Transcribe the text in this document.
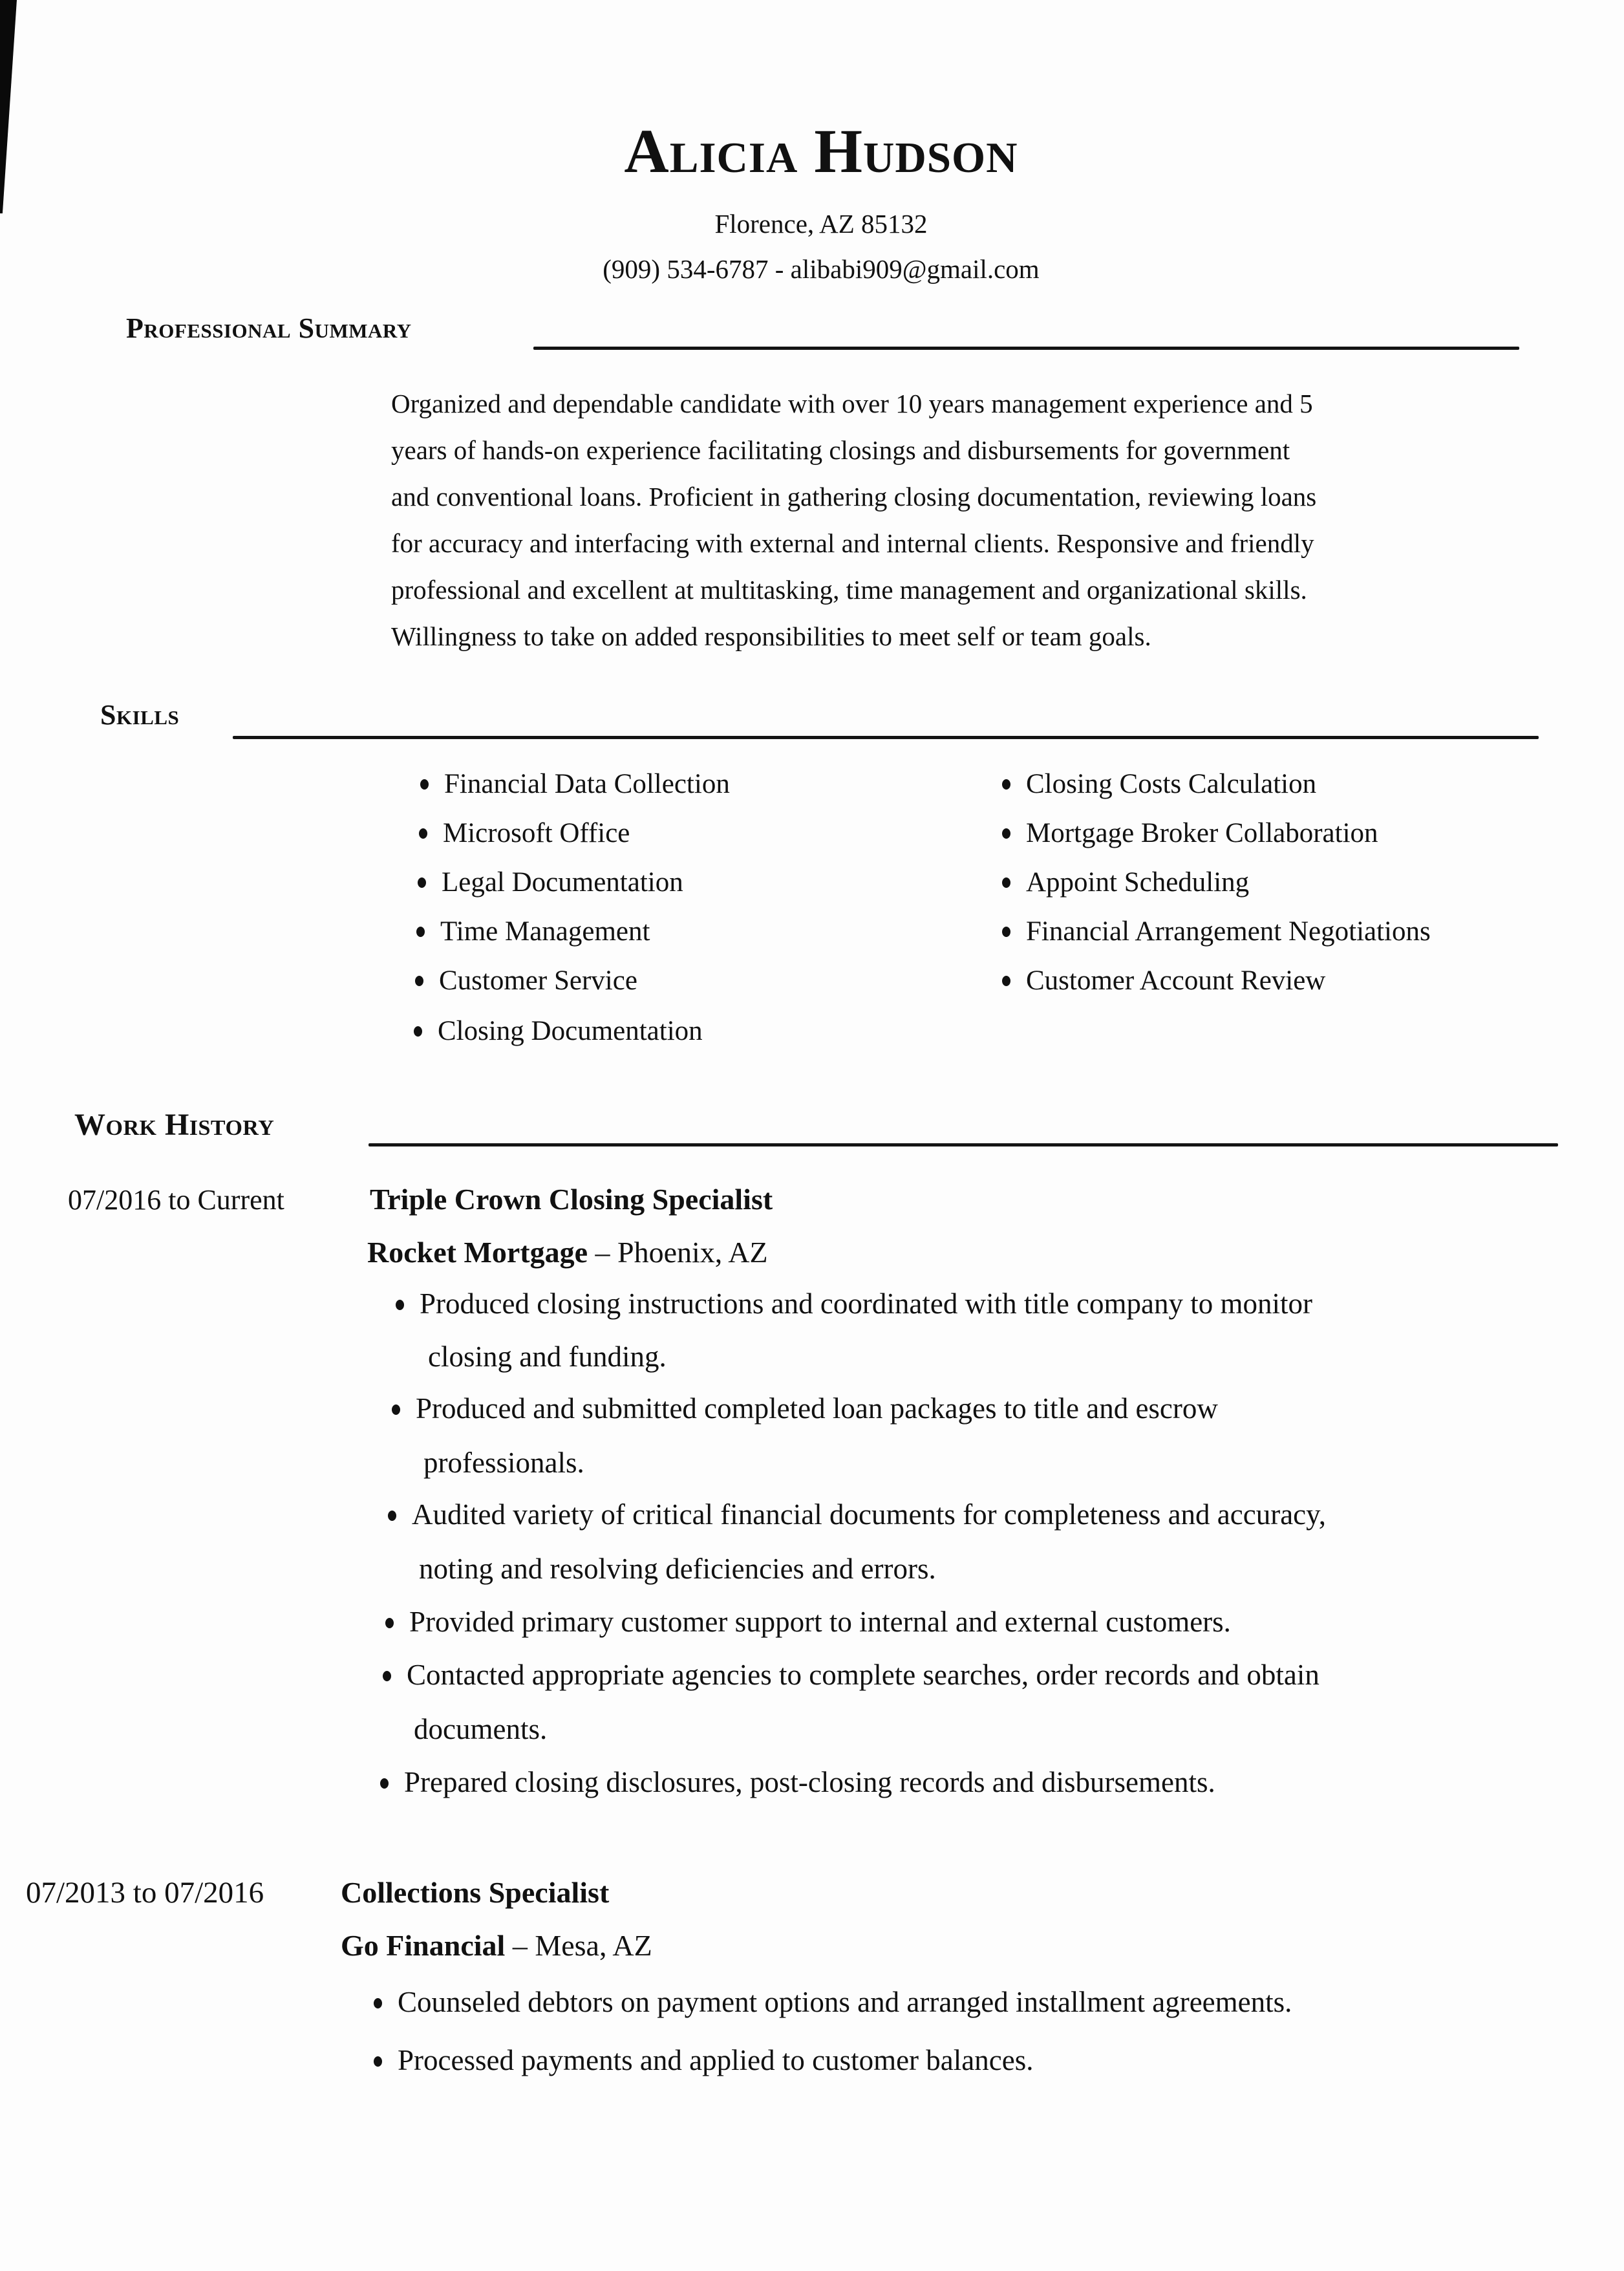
Alicia Hudson
Florence, AZ 85132
(909) 534-6787 - alibabi909@gmail.com
Professional Summary
Organized and dependable candidate with over 10 years management experience and 5
years of hands-on experience facilitating closings and disbursements for government
and conventional loans. Proficient in gathering closing documentation, reviewing loans
for accuracy and interfacing with external and internal clients. Responsive and friendly
professional and excellent at multitasking, time management and organizational skills.
Willingness to take on added responsibilities to meet self or team goals.
Skills
Financial Data Collection
Microsoft Office
Legal Documentation
Time Management
Customer Service
Closing Documentation
Closing Costs Calculation
Mortgage Broker Collaboration
Appoint Scheduling
Financial Arrangement Negotiations
Customer Account Review
Work History
07/2016 to Current	Triple Crown Closing Specialist
Rocket Mortgage – Phoenix, AZ
Produced closing instructions and coordinated with title company to monitor
closing and funding.
Produced and submitted completed loan packages to title and escrow
professionals.
Audited variety of critical financial documents for completeness and accuracy,
noting and resolving deficiencies and errors.
Provided primary customer support to internal and external customers.
Contacted appropriate agencies to complete searches, order records and obtain
documents.
Prepared closing disclosures, post-closing records and disbursements.
07/2013 to 07/2016	Collections Specialist
Go Financial – Mesa, AZ
Counseled debtors on payment options and arranged installment agreements.
Processed payments and applied to customer balances.
